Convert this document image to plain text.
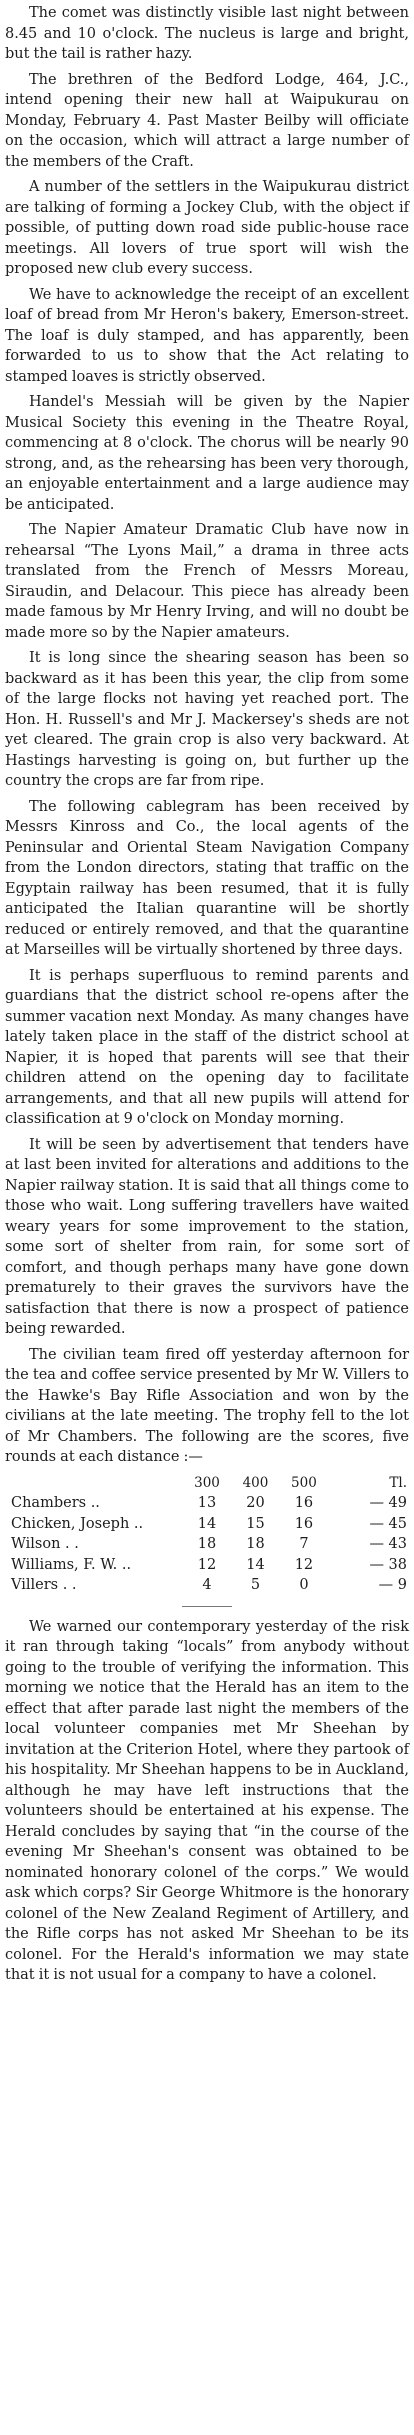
The comet was distinctly visible last night between 8.45 and 10 o'clock. The nucleus is large and bright, but the tail is rather hazy.

The brethren of the Bedford Lodge, 464, J.C., intend opening their new hall at Waipukurau on Monday, February 4. Past Master Beilby will officiate on the occasion, which will attract a large number of the members of the Craft.

A number of the settlers in the Waipukurau district are talking of forming a Jockey Club, with the object if possible, of putting down road side public-house race meetings. All lovers of true sport will wish the proposed new club every success.

We have to acknowledge the receipt of an excellent loaf of bread from Mr Heron's bakery, Emerson-street. The loaf is duly stamped, and has apparently, been forwarded to us to show that the Act relating to stamped loaves is strictly observed.

Handel's Messiah will be given by the Napier Musical Society this evening in the Theatre Royal, commencing at 8 o'clock. The chorus will be nearly 90 strong, and, as the rehearsing has been very thorough, an enjoyable entertainment and a large audience may be anticipated.

The Napier Amateur Dramatic Club have now in rehearsal “The Lyons Mail,” a drama in three acts translated from the French of Messrs Moreau, Siraudin, and Delacour. This piece has already been made famous by Mr Henry Irving, and will no doubt be made more so by the Napier amateurs.

It is long since the shearing season has been so backward as it has been this year, the clip from some of the large flocks not having yet reached port. The Hon. H. Russell's and Mr J. Mackersey's sheds are not yet cleared. The grain crop is also very backward. At Hastings harvesting is going on, but further up the country the crops are far from ripe.

The following cablegram has been received by Messrs Kinross and Co., the local agents of the Peninsular and Oriental Steam Navigation Company from the London directors, stating that traffic on the Egyptain railway has been resumed, that it is fully anticipated the Italian quarantine will be shortly reduced or entirely removed, and that the quarantine at Marseilles will be virtually shortened by three days.

It is perhaps superfluous to remind parents and guardians that the district school re-opens after the summer vacation next Monday. As many changes have lately taken place in the staff of the district school at Napier, it is hoped that parents will see that their children attend on the opening day to facilitate arrangements, and that all new pupils will attend for classification at 9 o'clock on Monday morning.

It will be seen by advertisement that tenders have at last been invited for alterations and additions to the Napier railway station. It is said that all things come to those who wait. Long suffering travellers have waited weary years for some improvement to the station, some sort of shelter from rain, for some sort of comfort, and though perhaps many have gone down prematurely to their graves the survivors have the satisfaction that there is now a prospect of patience being rewarded.

The civilian team fired off yesterday afternoon for the tea and coffee service presented by Mr W. Villers to the Hawke's Bay Rifle Association and won by the civilians at the late meeting. The trophy fell to the lot of Mr Chambers. The following are the scores, five rounds at each distance :—

	300	400	500	Tl.
Chambers ..	13	20	16	— 49
Chicken, Joseph ..	14	15	16	— 45
Wilson . .	18	18	7	— 43
Williams, F. W. ..	12	14	12	— 38
Villers . .	4	5	0	— 9

We warned our contemporary yesterday of the risk it ran through taking “locals” from anybody without going to the trouble of verifying the information. This morning we notice that the Herald has an item to the effect that after parade last night the members of the local volunteer companies met Mr Sheehan by invitation at the Criterion Hotel, where they partook of his hospitality. Mr Sheehan happens to be in Auckland, although he may have left instructions that the volunteers should be entertained at his expense. The Herald concludes by saying that “in the course of the evening Mr Sheehan's consent was obtained to be nominated honorary colonel of the corps.” We would ask which corps? Sir George Whitmore is the honorary colonel of the New Zealand Regiment of Artillery, and the Rifle corps has not asked Mr Sheehan to be its colonel. For the Herald's information we may state that it is not usual for a company to have a colonel.
